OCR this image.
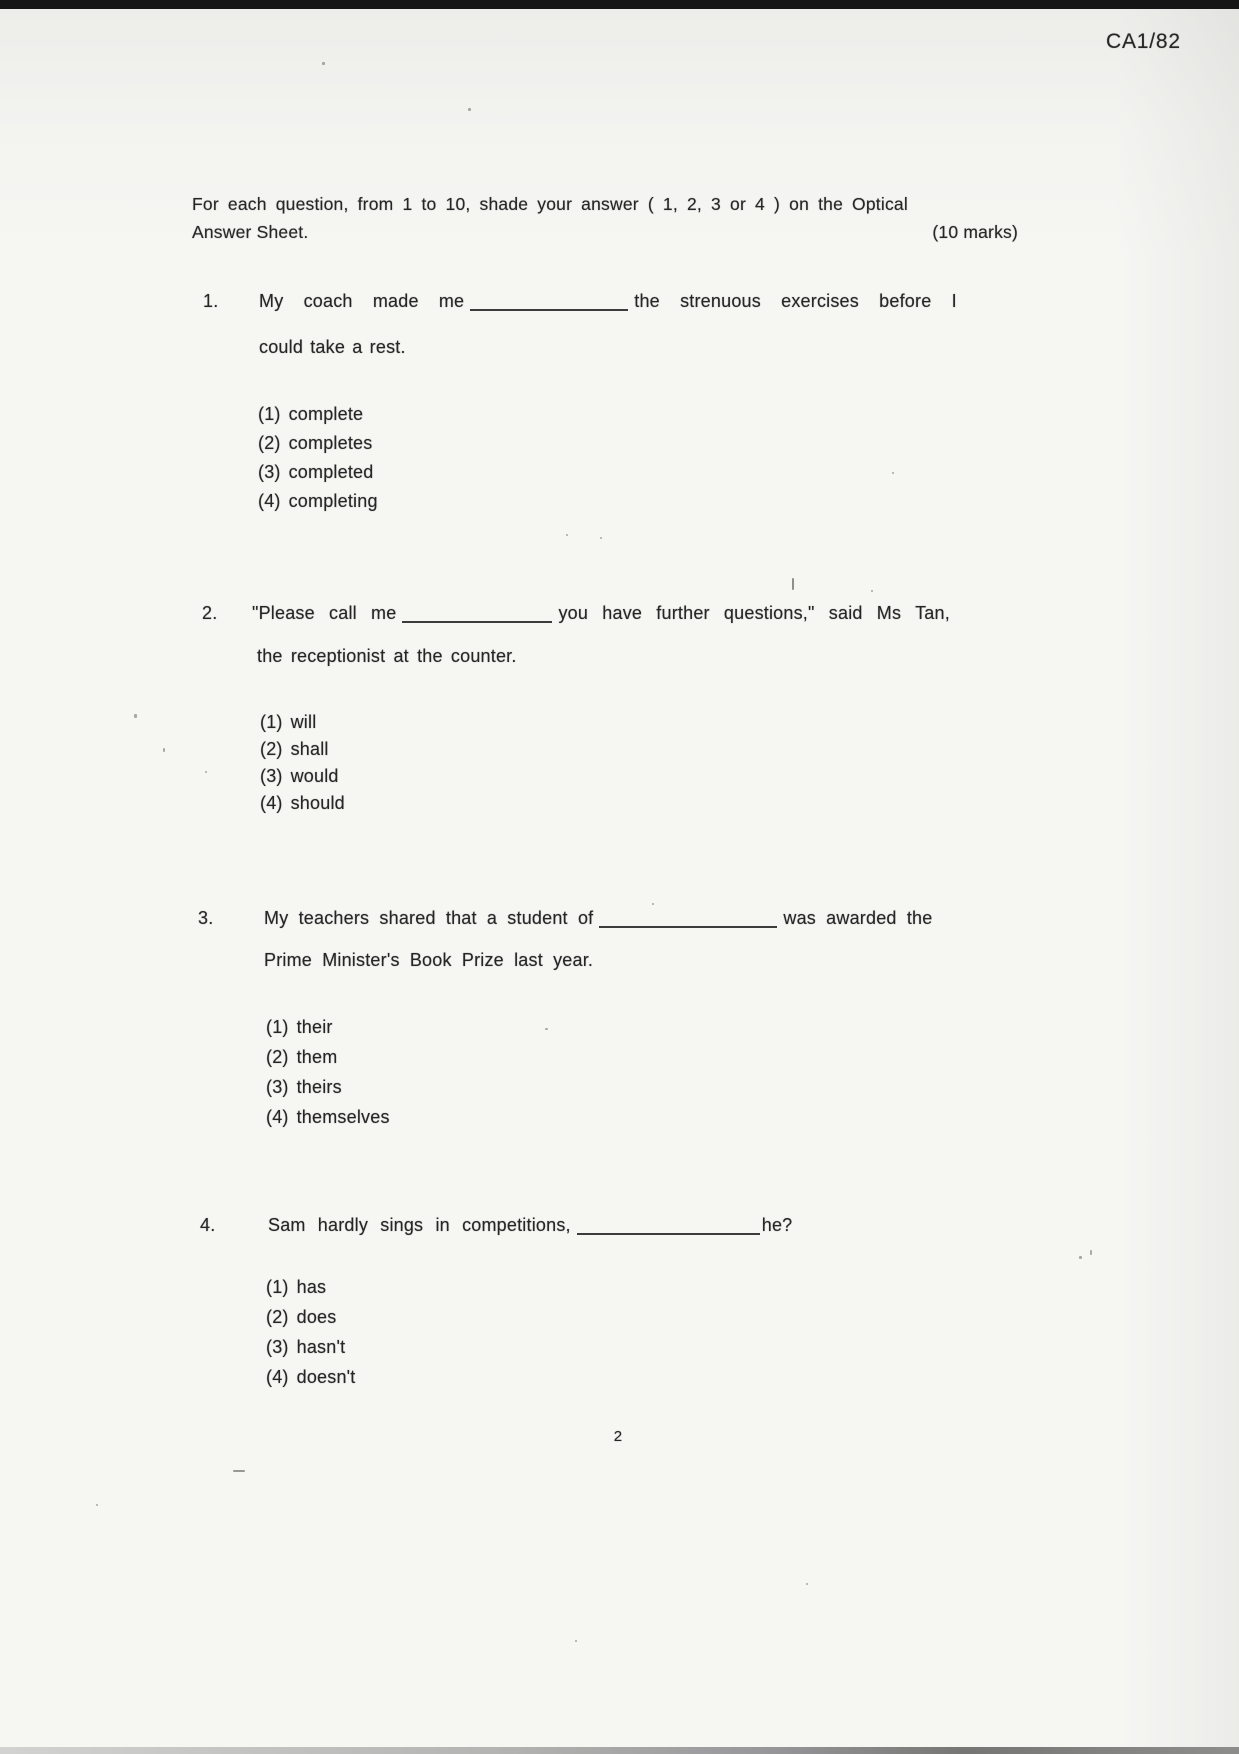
CA1/82
For each question, from 1 to 10, shade your answer ( 1, 2, 3 or 4 ) on the Optical
Answer Sheet.	(10 marks)
1. My coach made me	the strenuous exercises before I
could take a rest.
(1) complete
(2) completes
(3) completed
(4) completing
2. "Please call me	you have further questions," said Ms Tan,
the receptionist at the counter.
(1) will
(2) shall
(3) would
(4) should
3.	My teachers shared that a student of	was awarded the
Prime Minister's Book Prize last year.
(1) their
(2) them
(3) theirs
(4) themselves
4.	Sam hardly sings in competitions,	he?
(1) has
(2) does
(3) hasn't
(4) doesn't
2
